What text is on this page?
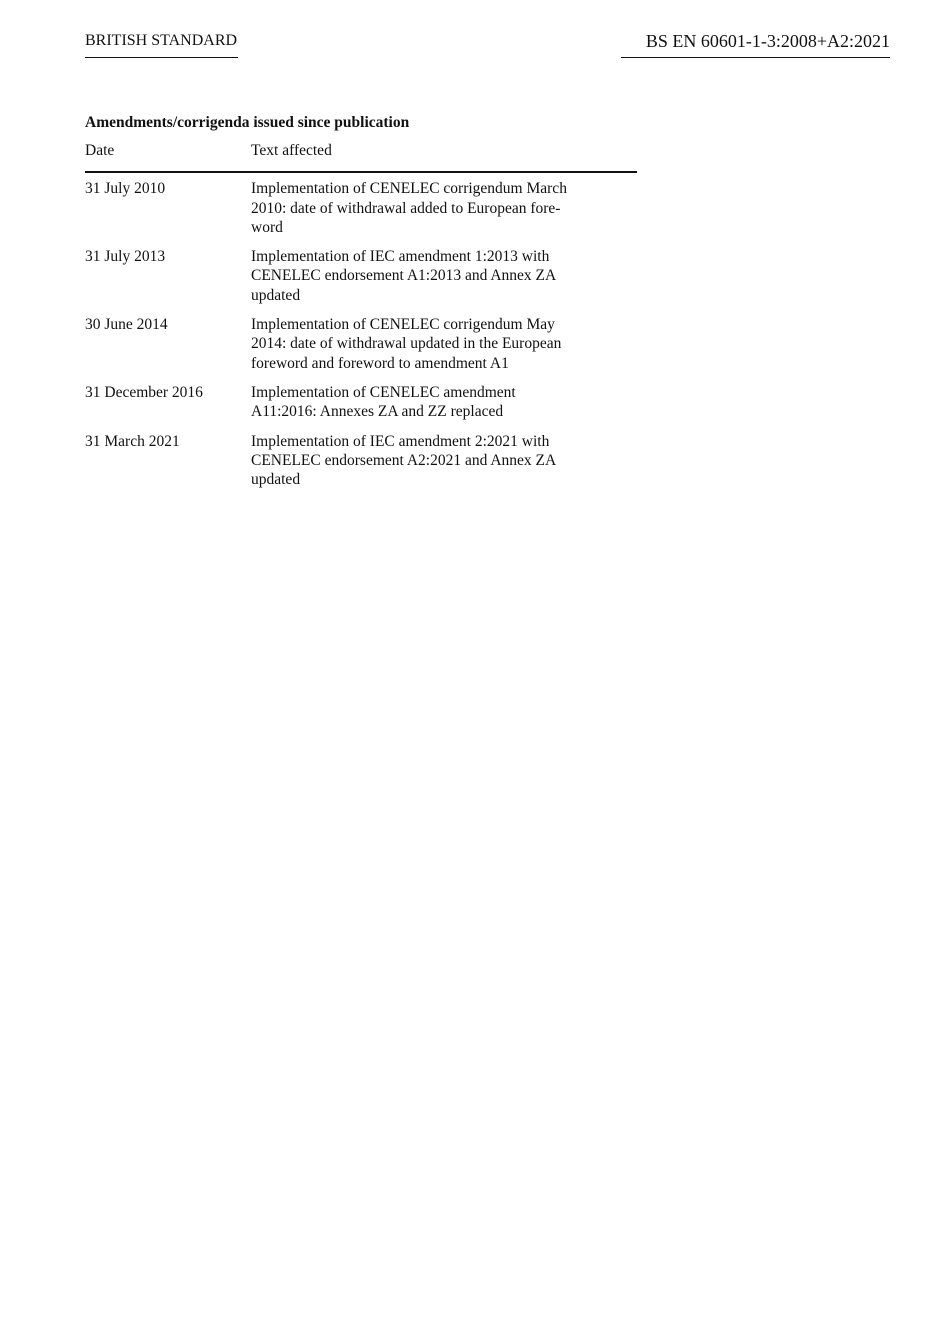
BRITISH STANDARD	BS EN 60601-1-3:2008+A2:2021
Amendments/corrigenda issued since publication
Date	Text affected
31 July 2010	Implementation of CENELEC corrigendum March
2010: date of withdrawal added to European fore-
word
31 July 2013	Implementation of IEC amendment 1:2013 with
CENELEC endorsement A1:2013 and Annex ZA
updated
30 June 2014	Implementation of CENELEC corrigendum May
2014: date of withdrawal updated in the European
foreword and foreword to amendment A1
31 December 2016	Implementation of CENELEC amendment
A11:2016: Annexes ZA and ZZ replaced
31 March 2021	Implementation of IEC amendment 2:2021 with
CENELEC endorsement A2:2021 and Annex ZA
updated
